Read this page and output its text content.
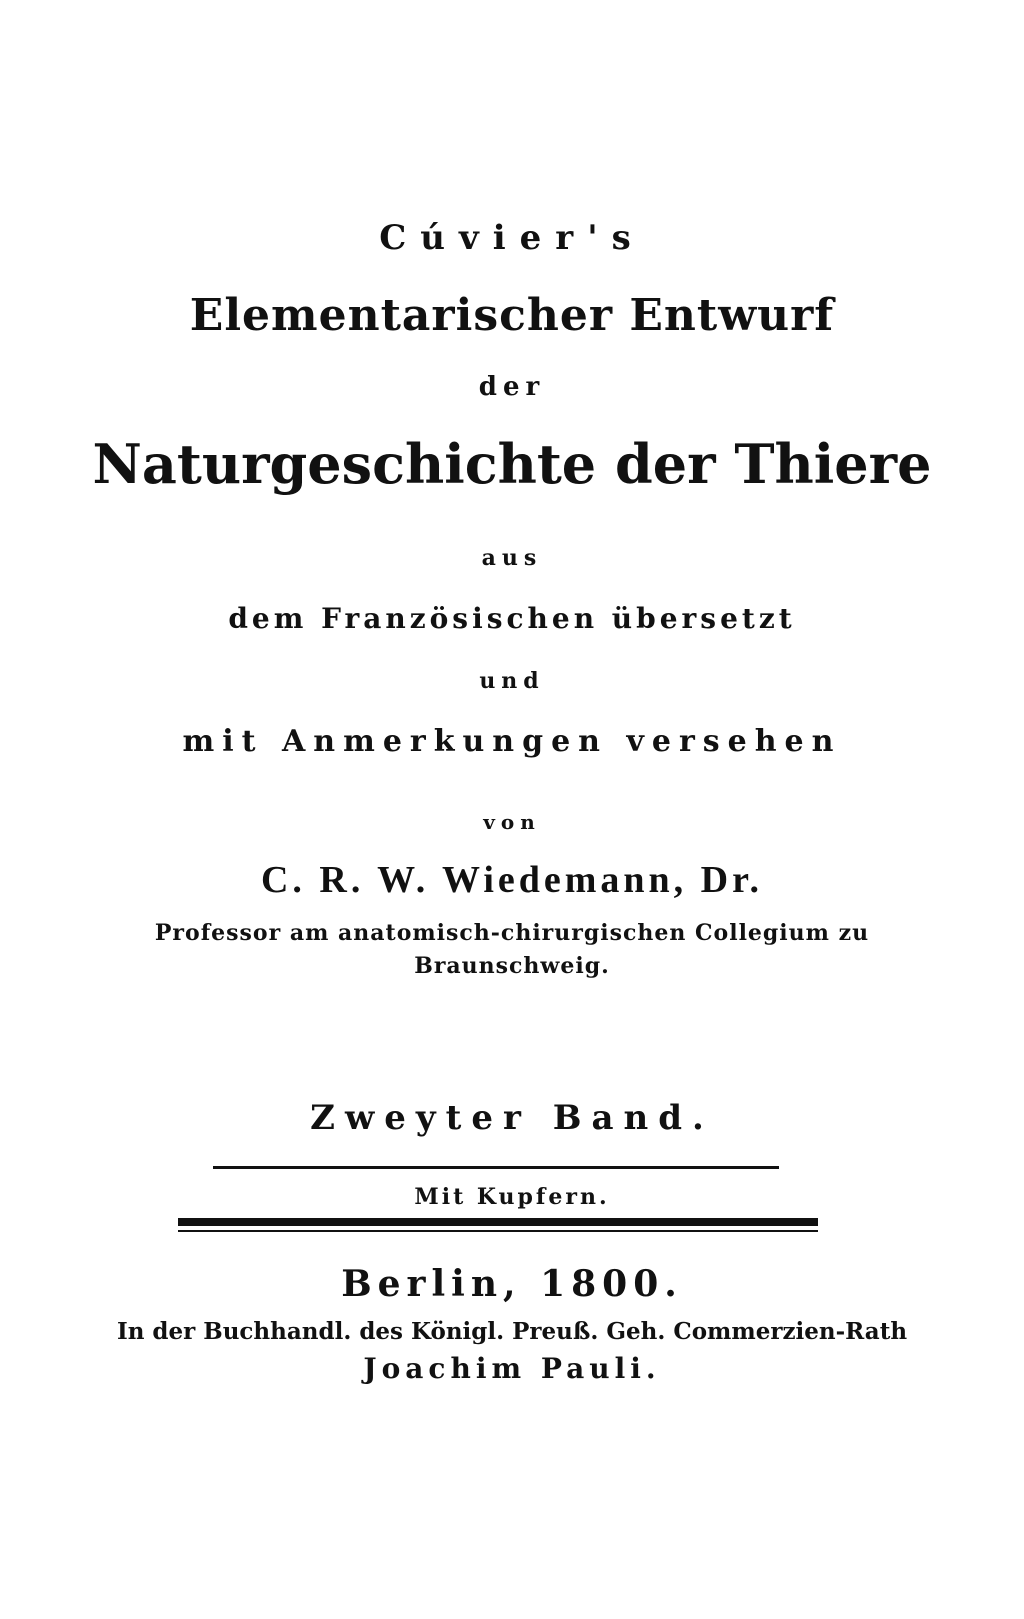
Cúvier's
Elementarischer Entwurf
der
Naturgeschichte der Thiere
aus
dem Französischen übersetzt
und
mit Anmerkungen versehen
von
C. R. W. Wiedemann, Dr.
Professor am anatomisch-chirurgischen Collegium zu
Braunschweig.
Zweyter Band.
Mit Kupfern.
Berlin, 1800.
In der Buchhandl. des Königl. Preuß. Geh. Commerzien-Rath
Joachim Pauli.
